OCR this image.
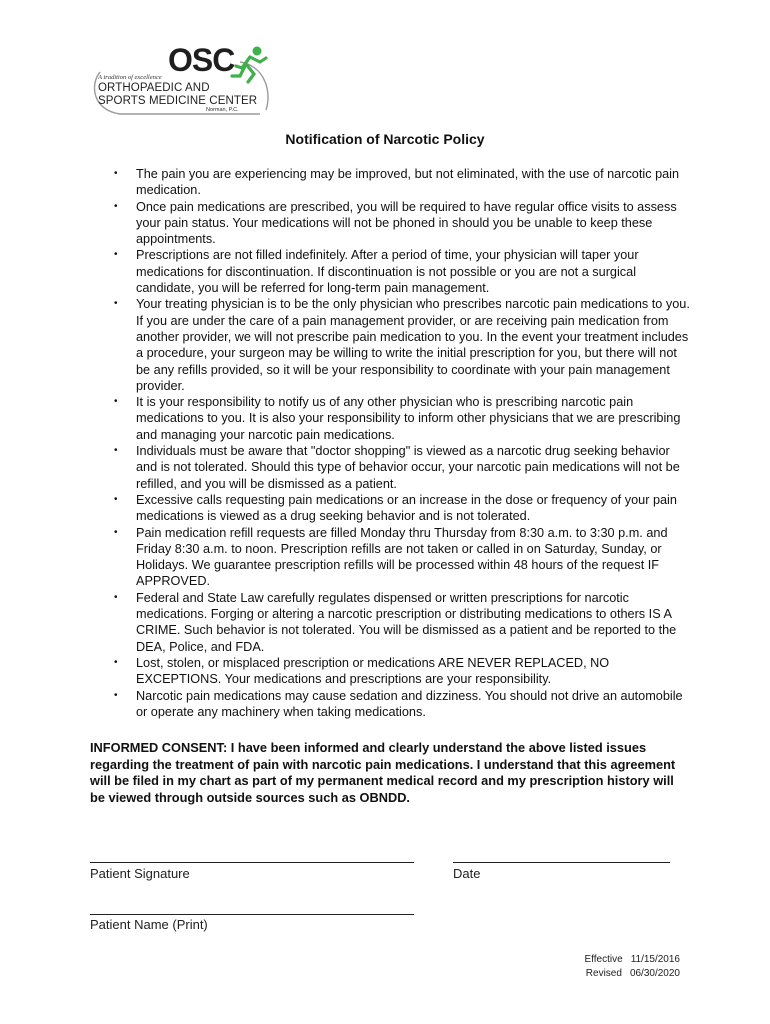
OSC
A tradition of excellence
ORTHOPAEDIC AND
SPORTS MEDICINE CENTER
Norman, P.C.
Notification of Narcotic Policy
• The pain you are experiencing may be improved, but not eliminated, with the use of narcotic pain medication.
• Once pain medications are prescribed, you will be required to have regular office visits to assess your pain status. Your medications will not be phoned in should you be unable to keep these appointments.
• Prescriptions are not filled indefinitely. After a period of time, your physician will taper your medications for discontinuation. If discontinuation is not possible or you are not a surgical candidate, you will be referred for long-term pain management.
• Your treating physician is to be the only physician who prescribes narcotic pain medications to you. If you are under the care of a pain management provider, or are receiving pain medication from another provider, we will not prescribe pain medication to you. In the event your treatment includes a procedure, your surgeon may be willing to write the initial prescription for you, but there will not be any refills provided, so it will be your responsibility to coordinate with your pain management provider.
• It is your responsibility to notify us of any other physician who is prescribing narcotic pain medications to you. It is also your responsibility to inform other physicians that we are prescribing and managing your narcotic pain medications.
• Individuals must be aware that "doctor shopping" is viewed as a narcotic drug seeking behavior and is not tolerated. Should this type of behavior occur, your narcotic pain medications will not be refilled, and you will be dismissed as a patient.
• Excessive calls requesting pain medications or an increase in the dose or frequency of your pain medications is viewed as a drug seeking behavior and is not tolerated.
• Pain medication refill requests are filled Monday thru Thursday from 8:30 a.m. to 3:30 p.m. and Friday 8:30 a.m. to noon. Prescription refills are not taken or called in on Saturday, Sunday, or Holidays. We guarantee prescription refills will be processed within 48 hours of the request IF APPROVED.
• Federal and State Law carefully regulates dispensed or written prescriptions for narcotic medications. Forging or altering a narcotic prescription or distributing medications to others IS A CRIME. Such behavior is not tolerated. You will be dismissed as a patient and be reported to the DEA, Police, and FDA.
• Lost, stolen, or misplaced prescription or medications ARE NEVER REPLACED, NO EXCEPTIONS. Your medications and prescriptions are your responsibility.
• Narcotic pain medications may cause sedation and dizziness. You should not drive an automobile or operate any machinery when taking medications.
INFORMED CONSENT: I have been informed and clearly understand the above listed issues regarding the treatment of pain with narcotic pain medications. I understand that this agreement will be filed in my chart as part of my permanent medical record and my prescription history will be viewed through outside sources such as OBNDD.
Patient Signature	Date
Patient Name (Print)
Effective 11/15/2016
Revised 06/30/2020
